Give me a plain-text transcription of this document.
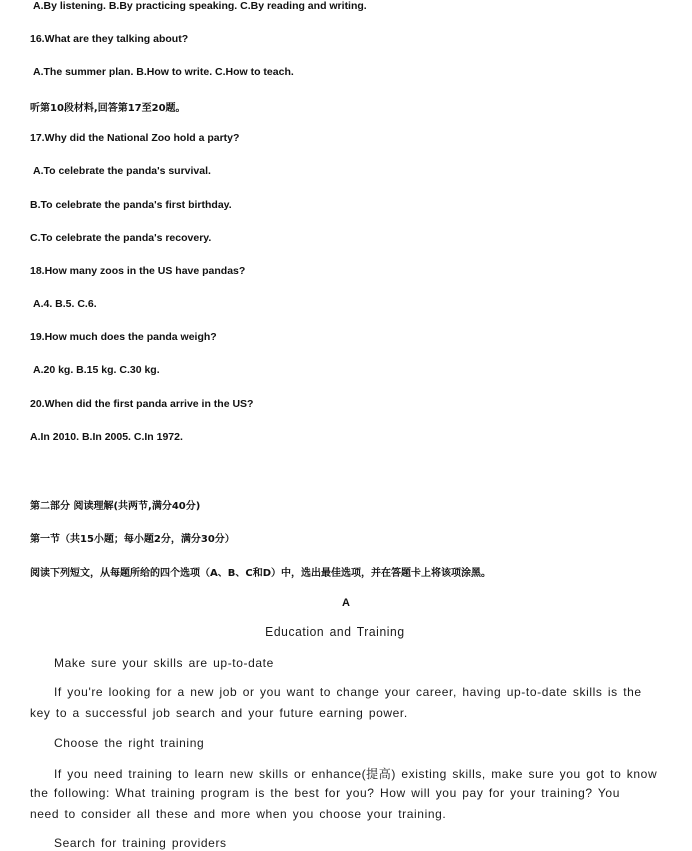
A.By listening. B.By practicing speaking. C.By reading and writing.
16.What are they talking about?
A.The summer plan. B.How to write. C.How to teach.
听第10段材料,回答第17至20题。
17.Why did the National Zoo hold a party?
A.To celebrate the panda's survival.
B.To celebrate the panda's first birthday.
C.To celebrate the panda's recovery.
18.How many zoos in the US have pandas?
A.4. B.5. C.6.
19.How much does the panda weigh?
A.20 kg. B.15 kg. C.30 kg.
20.When did the first panda arrive in the US?
A.In 2010. B.In 2005. C.In 1972.
第二部分 阅读理解(共两节,满分40分)
第一节（共15小题；每小题2分，满分30分）
阅读下列短文，从每题所给的四个选项（A、B、C和D）中，选出最佳选项，并在答题卡上将该项涂黑。
A
Education and Training
Make sure your skills are up-to-date
If you're looking for a new job or you want to change your career, having up-to-date skills is the
key to a successful job search and your future earning power.
Choose the right training
If you need training to learn new skills or enhance(提高) existing skills, make sure you got to know
the following: What training program is the best for you? How will you pay for your training? You
need to consider all these and more when you choose your training.
Search for training providers
